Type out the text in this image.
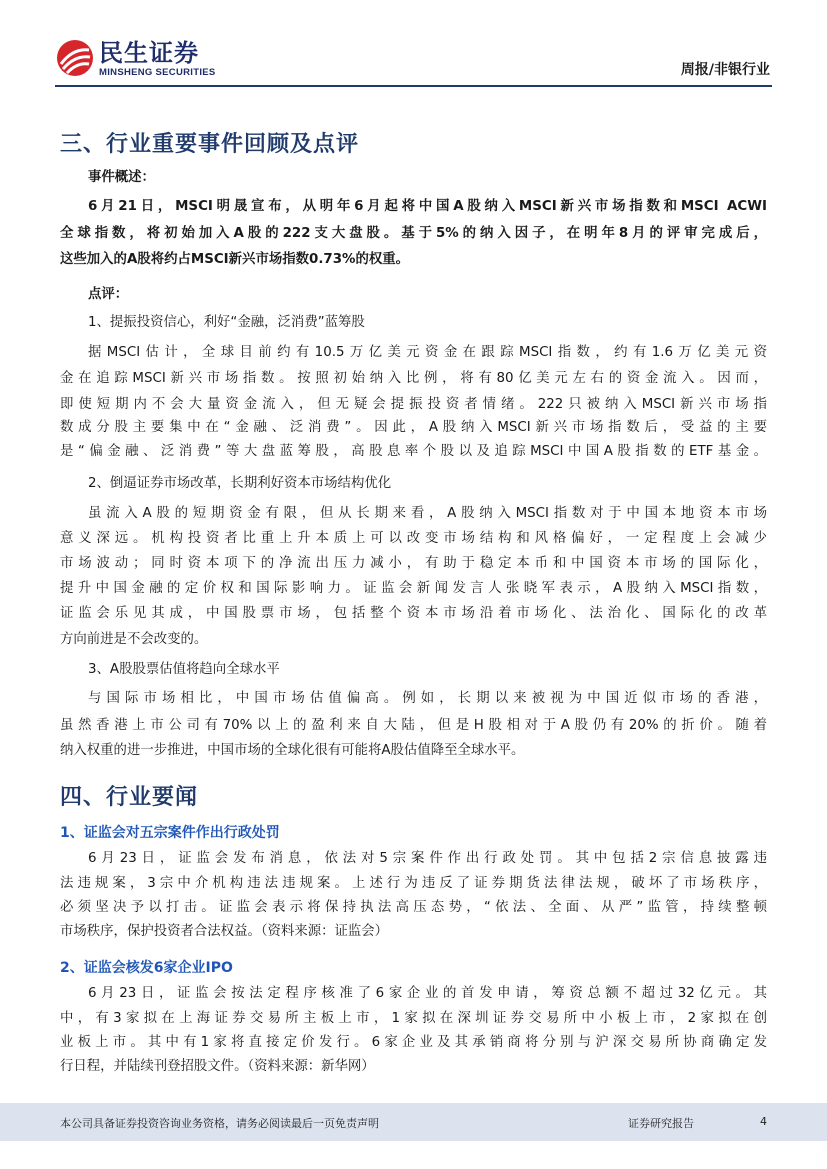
民生证券
MINSHENG SECURITIES	周报/非银行业
三、行业重要事件回顾及点评
事件概述：
6月21日，MSCI明晟宣布，从明年6月起将中国A股纳入MSCI新兴市场指数和MSCI ACWI
全球指数，将初始加入A股的222支大盘股。基于5%的纳入因子，在明年8月的评审完成后，
这些加入的A股将约占MSCI新兴市场指数0.73%的权重。
点评：
1、提振投资信心，利好“金融，泛消费”蓝筹股
据MSCI估计，全球目前约有10.5万亿美元资金在跟踪MSCI指数，约有1.6万亿美元资
金在追踪MSCI新兴市场指数。按照初始纳入比例，将有80亿美元左右的资金流入。因而，
即使短期内不会大量资金流入，但无疑会提振投资者情绪。222只被纳入MSCI新兴市场指
数成分股主要集中在“金融、泛消费”。因此，A股纳入MSCI新兴市场指数后，受益的主要
是“偏金融、泛消费”等大盘蓝筹股，高股息率个股以及追踪MSCI中国A股指数的ETF基金。
2、倒逼证券市场改革，长期利好资本市场结构优化
虽流入A股的短期资金有限，但从长期来看，A股纳入MSCI指数对于中国本地资本市场
意义深远。机构投资者比重上升本质上可以改变市场结构和风格偏好，一定程度上会减少
市场波动；同时资本项下的净流出压力减小，有助于稳定本币和中国资本市场的国际化，
提升中国金融的定价权和国际影响力。证监会新闻发言人张晓军表示，A股纳入MSCI指数，
证监会乐见其成，中国股票市场，包括整个资本市场沿着市场化、法治化、国际化的改革
方向前进是不会改变的。
3、A股股票估值将趋向全球水平
与国际市场相比，中国市场估值偏高。例如，长期以来被视为中国近似市场的香港，
虽然香港上市公司有70%以上的盈利来自大陆，但是H股相对于A股仍有20%的折价。随着
纳入权重的进一步推进，中国市场的全球化很有可能将A股估值降至全球水平。
四、行业要闻
1、证监会对五宗案件作出行政处罚
6月23日，证监会发布消息，依法对5宗案件作出行政处罚。其中包括2宗信息披露违
法违规案，3宗中介机构违法违规案。上述行为违反了证券期货法律法规，破坏了市场秩序，
必须坚决予以打击。证监会表示将保持执法高压态势，“依法、全面、从严”监管，持续整顿
市场秩序，保护投资者合法权益。（资料来源：证监会）
2、证监会核发6家企业IPO
6月23日，证监会按法定程序核准了6家企业的首发申请，筹资总额不超过32亿元。其
中，有3家拟在上海证券交易所主板上市，1家拟在深圳证券交易所中小板上市，2家拟在创
业板上市。其中有1家将直接定价发行。6家企业及其承销商将分别与沪深交易所协商确定发
行日程，并陆续刊登招股文件。（资料来源：新华网）
本公司具备证券投资咨询业务资格，请务必阅读最后一页免责声明	证券研究报告	4
